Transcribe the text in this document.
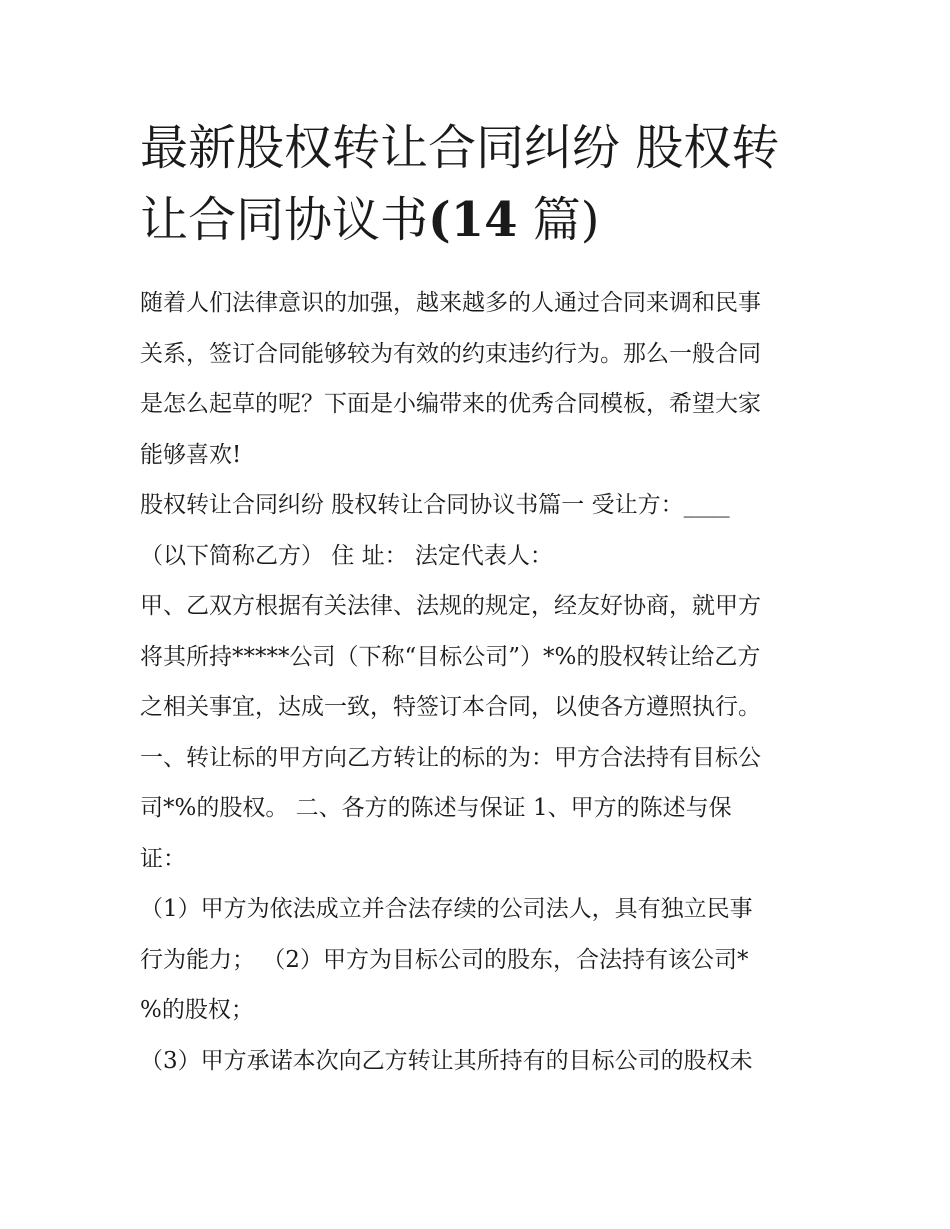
最新股权转让合同纠纷 股权转
让合同协议书(14 篇)
随着人们法律意识的加强，越来越多的人通过合同来调和民事
关系，签订合同能够较为有效的约束违约行为。那么一般合同
是怎么起草的呢？下面是小编带来的优秀合同模板，希望大家
能够喜欢!
股权转让合同纠纷 股权转让合同协议书篇一 受让方：____
（以下简称乙方） 住 址： 法定代表人：
甲、乙双方根据有关法律、法规的规定，经友好协商，就甲方
将其所持*****公司（下称“目标公司”）*%的股权转让给乙方
之相关事宜，达成一致，特签订本合同，以使各方遵照执行。
一、转让标的甲方向乙方转让的标的为：甲方合法持有目标公
司*%的股权。 二、各方的陈述与保证 1、甲方的陈述与保
证：
（1）甲方为依法成立并合法存续的公司法人，具有独立民事
行为能力； （2）甲方为目标公司的股东，合法持有该公司*
%的股权；
（3）甲方承诺本次向乙方转让其所持有的目标公司的股权未
